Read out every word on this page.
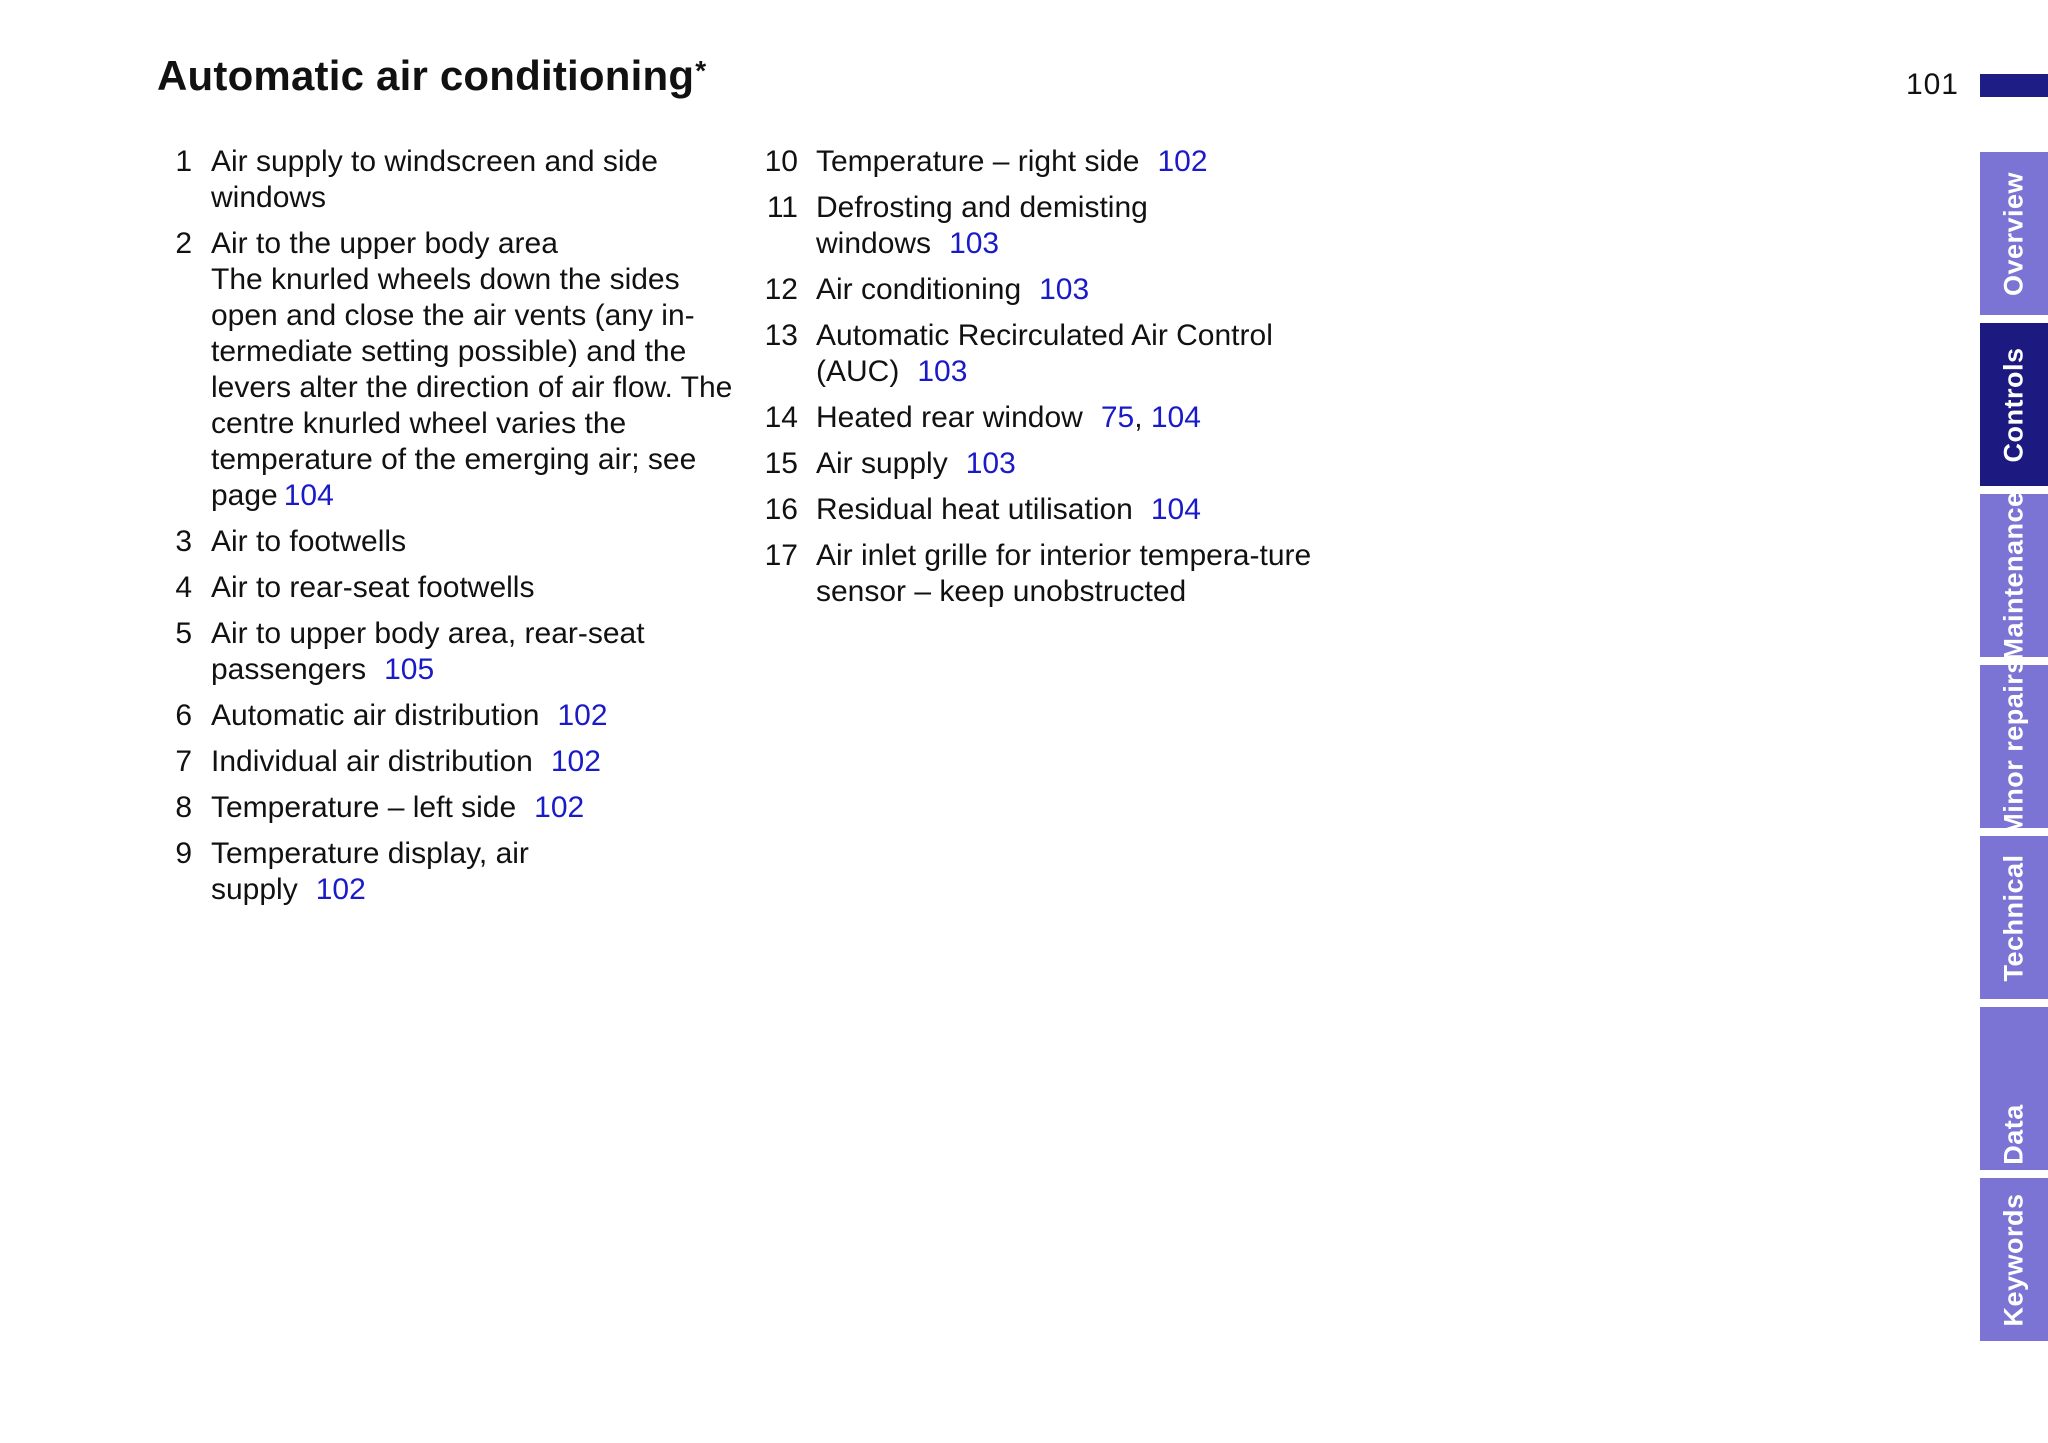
Automatic air conditioning*	101
1 Air supply to windscreen and side windows
2 Air to the upper body area
The knurled wheels down the sides open and close the air vents (any in-termediate setting possible) and the levers alter the direction of air flow. The centre knurled wheel varies the temperature of the emerging air; see page 104
3 Air to footwells
4 Air to rear-seat footwells
5 Air to upper body area, rear-seat passengers 105
6 Automatic air distribution 102
7 Individual air distribution 102
8 Temperature – left side 102
9 Temperature display, air supply 102
10 Temperature – right side 102
11 Defrosting and demisting windows 103
12 Air conditioning 103
13 Automatic Recirculated Air Control (AUC) 103
14 Heated rear window 75, 104
15 Air supply 103
16 Residual heat utilisation 104
17 Air inlet grille for interior tempera-ture sensor – keep unobstructed
Overview
Controls
Maintenance
Minor repairs
Technical
Data
Keywords
